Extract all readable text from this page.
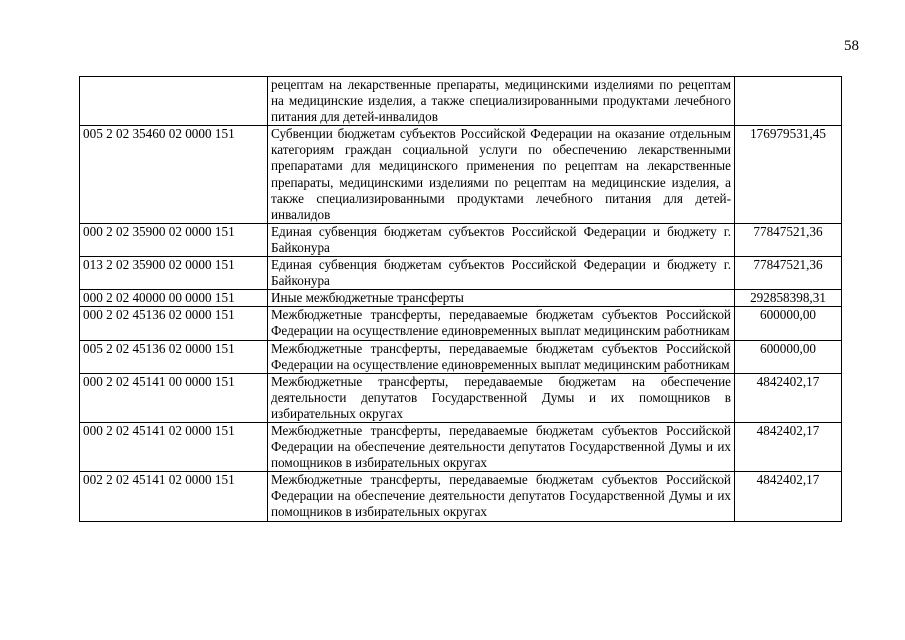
58
	рецептам на лекарственные препараты, медицинскими изделиями по рецептам на медицинские изделия, а также специализированными продуктами лечебного питания для детей-инвалидов	
005 2 02 35460 02 0000 151	Субвенции бюджетам субъектов Российской Федерации на оказание отдельным категориям граждан социальной услуги по обеспечению лекарственными препаратами для медицинского применения по рецептам на лекарственные препараты, медицинскими изделиями по рецептам на медицинские изделия, а также специализированными продуктами лечебного питания для детей-инвалидов	176979531,45
000 2 02 35900 02 0000 151	Единая субвенция бюджетам субъектов Российской Федерации и бюджету г. Байконура	77847521,36
013 2 02 35900 02 0000 151	Единая субвенция бюджетам субъектов Российской Федерации и бюджету г. Байконура	77847521,36
000 2 02 40000 00 0000 151	Иные межбюджетные трансферты	292858398,31
000 2 02 45136 02 0000 151	Межбюджетные трансферты, передаваемые бюджетам субъектов Российской Федерации на осуществление единовременных выплат медицинским работникам	600000,00
005 2 02 45136 02 0000 151	Межбюджетные трансферты, передаваемые бюджетам субъектов Российской Федерации на осуществление единовременных выплат медицинским работникам	600000,00
000 2 02 45141 00 0000 151	Межбюджетные трансферты, передаваемые бюджетам на обеспечение деятельности депутатов Государственной Думы и их помощников в избирательных округах	4842402,17
000 2 02 45141 02 0000 151	Межбюджетные трансферты, передаваемые бюджетам субъектов Российской Федерации на обеспечение деятельности депутатов Государственной Думы и их помощников в избирательных округах	4842402,17
002 2 02 45141 02 0000 151	Межбюджетные трансферты, передаваемые бюджетам субъектов Российской Федерации на обеспечение деятельности депутатов Государственной Думы и их помощников в избирательных округах	4842402,17
